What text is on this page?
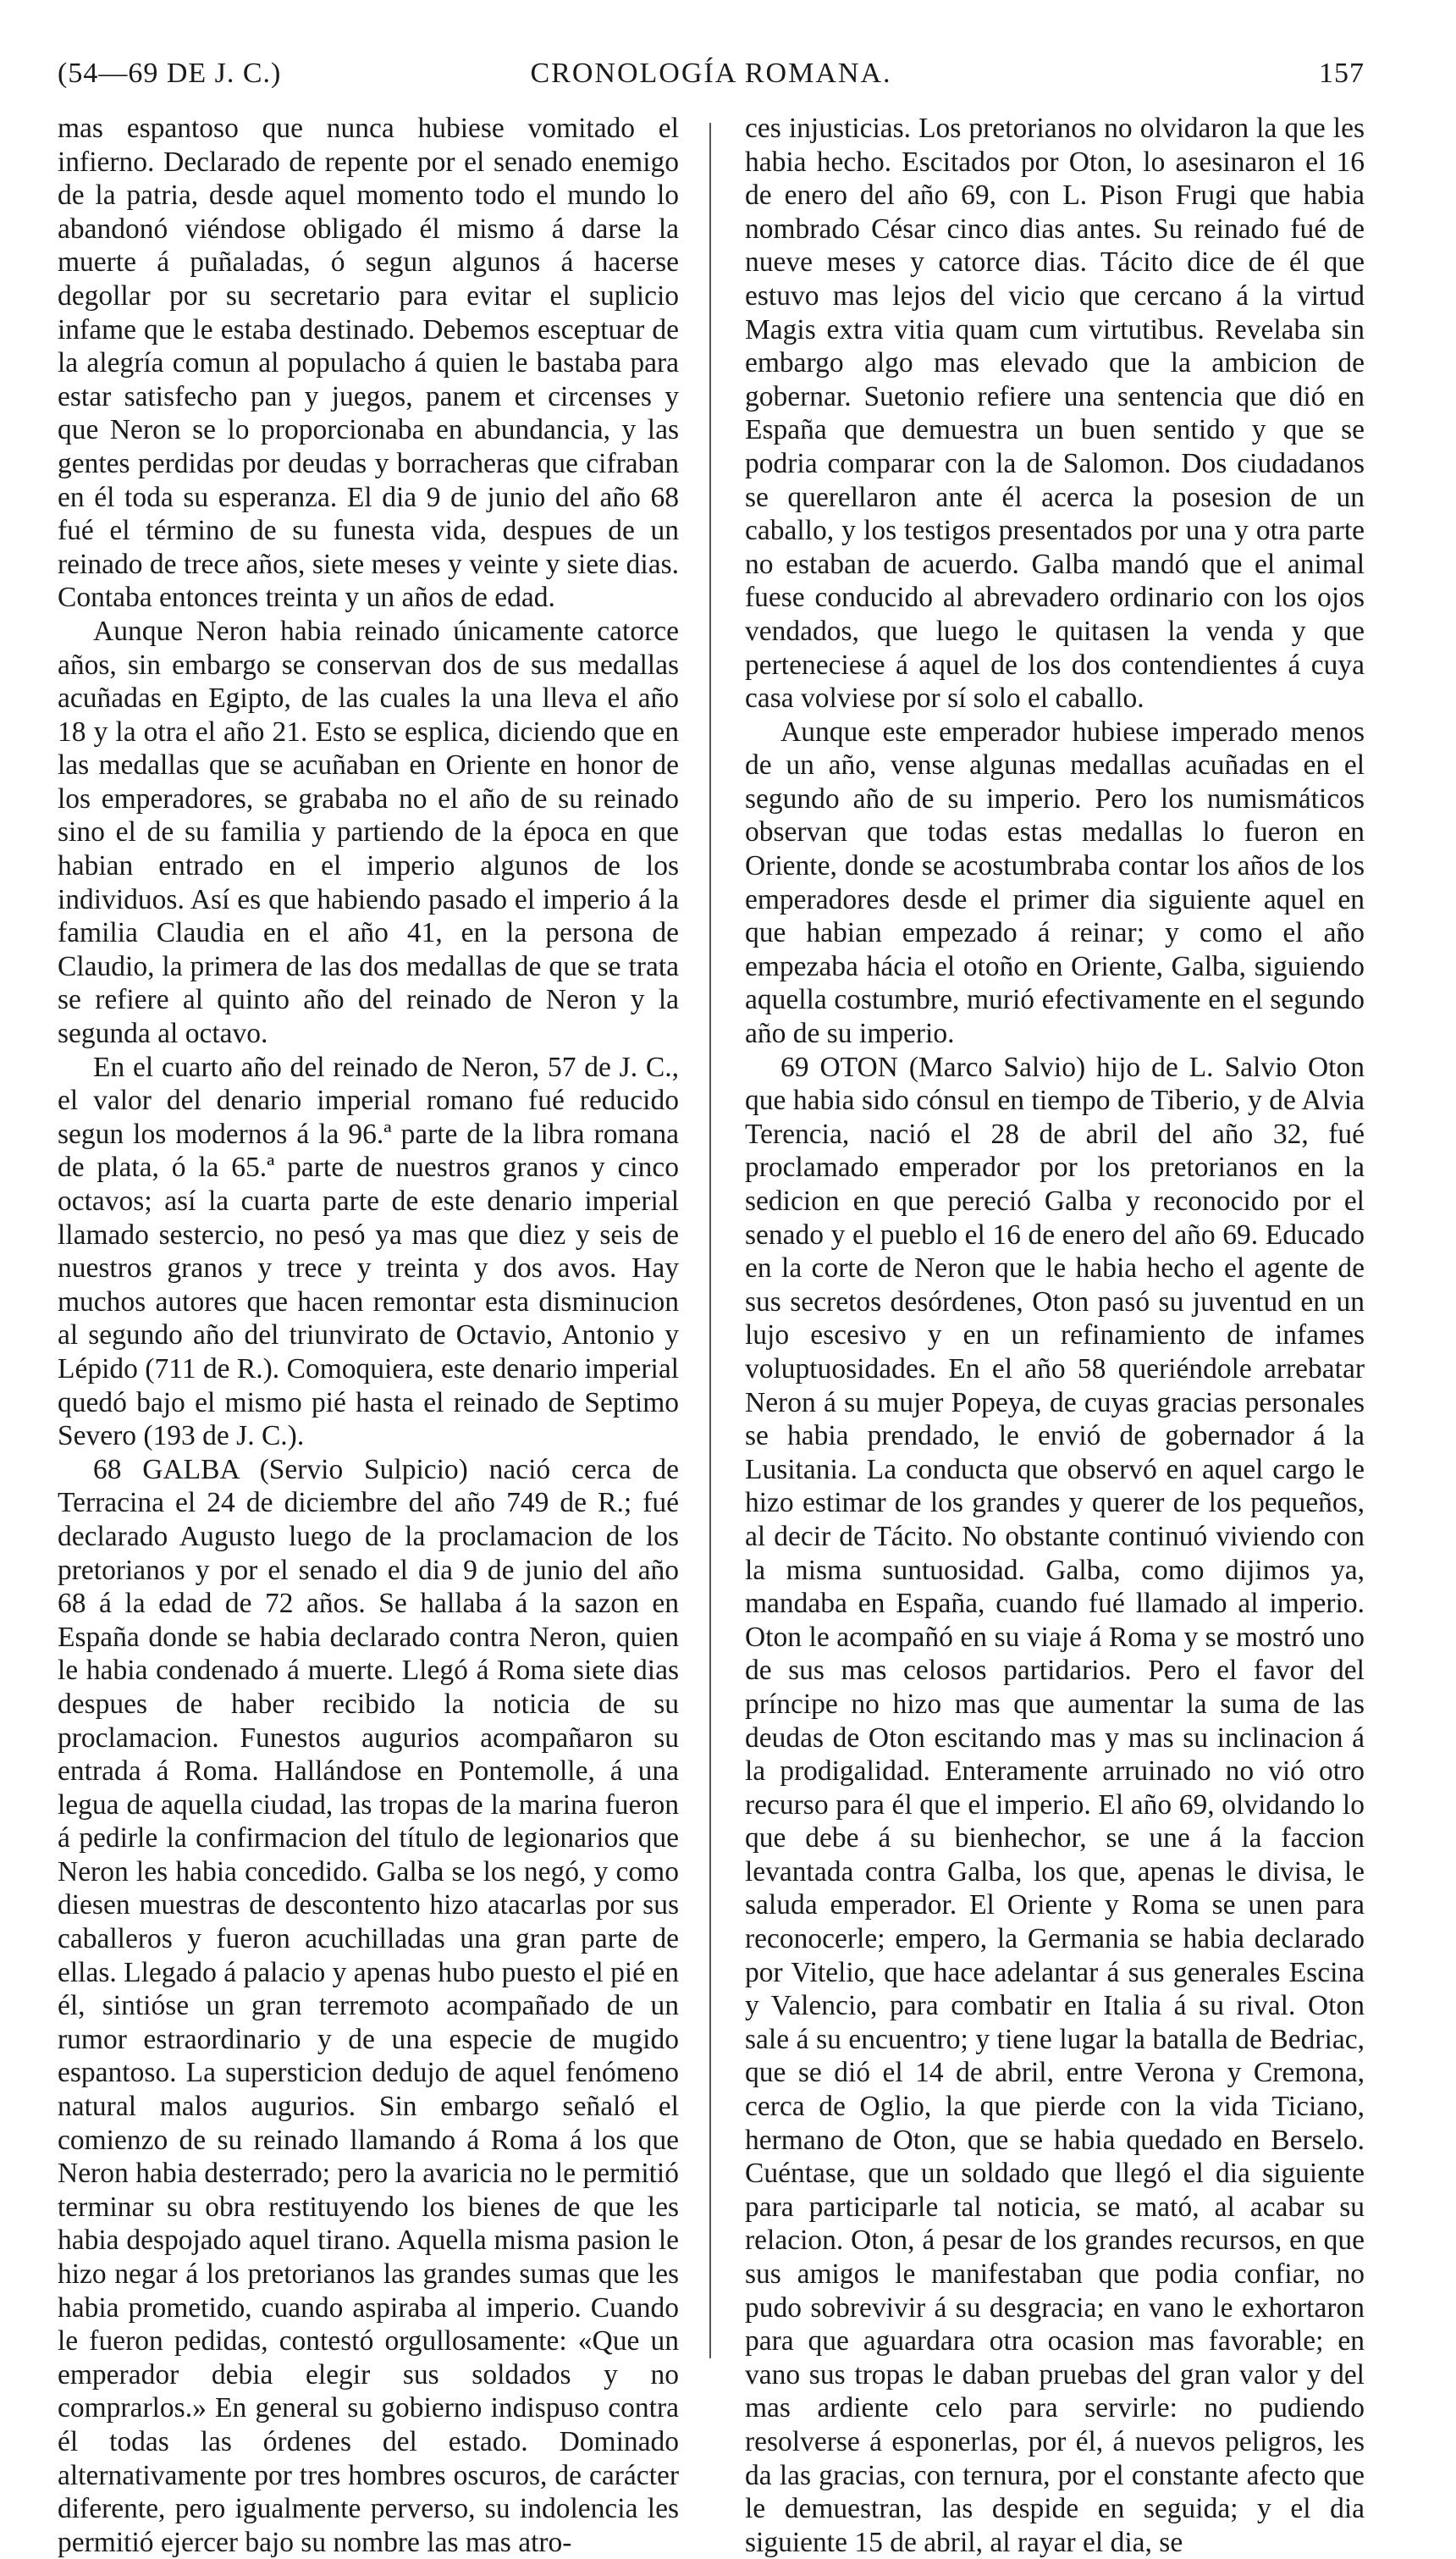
(54—69 DE J. C.)	CRONOLOGÍA ROMANA.	157

mas espantoso que nunca hubiese vomitado el infierno. Declarado de repente por el senado enemigo de la patria, desde aquel momento todo el mundo lo abandonó viéndose obligado él mismo á darse la muerte á puñaladas, ó segun algunos á hacerse degollar por su secretario para evitar el suplicio infame que le estaba destinado. Debemos esceptuar de la alegría comun al populacho á quien le bastaba para estar satisfecho pan y juegos, panem et circenses y que Neron se lo proporcionaba en abundancia, y las gentes perdidas por deudas y borracheras que cifraban en él toda su esperanza. El dia 9 de junio del año 68 fué el término de su funesta vida, despues de un reinado de trece años, siete meses y veinte y siete dias. Contaba entonces treinta y un años de edad.

Aunque Neron habia reinado únicamente catorce años, sin embargo se conservan dos de sus medallas acuñadas en Egipto, de las cuales la una lleva el año 18 y la otra el año 21. Esto se esplica, diciendo que en las medallas que se acuñaban en Oriente en honor de los emperadores, se grababa no el año de su reinado sino el de su familia y partiendo de la época en que habian entrado en el imperio algunos de los individuos. Así es que habiendo pasado el imperio á la familia Claudia en el año 41, en la persona de Claudio, la primera de las dos medallas de que se trata se refiere al quinto año del reinado de Neron y la segunda al octavo.

En el cuarto año del reinado de Neron, 57 de J. C., el valor del denario imperial romano fué reducido segun los modernos á la 96.ª parte de la libra romana de plata, ó la 65.ª parte de nuestros granos y cinco octavos; así la cuarta parte de este denario imperial llamado sestercio, no pesó ya mas que diez y seis de nuestros granos y trece y treinta y dos avos. Hay muchos autores que hacen remontar esta disminucion al segundo año del triunvirato de Octavio, Antonio y Lépido (711 de R.). Comoquiera, este denario imperial quedó bajo el mismo pié hasta el reinado de Septimo Severo (193 de J. C.).

68 GALBA (Servio Sulpicio) nació cerca de Terracina el 24 de diciembre del año 749 de R.; fué declarado Augusto luego de la proclamacion de los pretorianos y por el senado el dia 9 de junio del año 68 á la edad de 72 años. Se hallaba á la sazon en España donde se habia declarado contra Neron, quien le habia condenado á muerte. Llegó á Roma siete dias despues de haber recibido la noticia de su proclamacion. Funestos augurios acompañaron su entrada á Roma. Hallándose en Pontemolle, á una legua de aquella ciudad, las tropas de la marina fueron á pedirle la confirmacion del título de legionarios que Neron les habia concedido. Galba se los negó, y como diesen muestras de descontento hizo atacarlas por sus caballeros y fueron acuchilladas una gran parte de ellas. Llegado á palacio y apenas hubo puesto el pié en él, sintióse un gran terremoto acompañado de un rumor estraordinario y de una especie de mugido espantoso. La supersticion dedujo de aquel fenómeno natural malos augurios. Sin embargo señaló el comienzo de su reinado llamando á Roma á los que Neron habia desterrado; pero la avaricia no le permitió terminar su obra restituyendo los bienes de que les habia despojado aquel tirano. Aquella misma pasion le hizo negar á los pretorianos las grandes sumas que les habia prometido, cuando aspiraba al imperio. Cuando le fueron pedidas, contestó orgullosamente: «Que un emperador debia elegir sus soldados y no comprarlos.» En general su gobierno indispuso contra él todas las órdenes del estado. Dominado alternativamente por tres hombres oscuros, de carácter diferente, pero igualmente perverso, su indolencia les permitió ejercer bajo su nombre las mas atro-

ces injusticias. Los pretorianos no olvidaron la que les habia hecho. Escitados por Oton, lo asesinaron el 16 de enero del año 69, con L. Pison Frugi que habia nombrado César cinco dias antes. Su reinado fué de nueve meses y catorce dias. Tácito dice de él que estuvo mas lejos del vicio que cercano á la virtud Magis extra vitia quam cum virtutibus. Revelaba sin embargo algo mas elevado que la ambicion de gobernar. Suetonio refiere una sentencia que dió en España que demuestra un buen sentido y que se podria comparar con la de Salomon. Dos ciudadanos se querellaron ante él acerca la posesion de un caballo, y los testigos presentados por una y otra parte no estaban de acuerdo. Galba mandó que el animal fuese conducido al abrevadero ordinario con los ojos vendados, que luego le quitasen la venda y que perteneciese á aquel de los dos contendientes á cuya casa volviese por sí solo el caballo.

Aunque este emperador hubiese imperado menos de un año, vense algunas medallas acuñadas en el segundo año de su imperio. Pero los numismáticos observan que todas estas medallas lo fueron en Oriente, donde se acostumbraba contar los años de los emperadores desde el primer dia siguiente aquel en que habian empezado á reinar; y como el año empezaba hácia el otoño en Oriente, Galba, siguiendo aquella costumbre, murió efectivamente en el segundo año de su imperio.

69 OTON (Marco Salvio) hijo de L. Salvio Oton que habia sido cónsul en tiempo de Tiberio, y de Alvia Terencia, nació el 28 de abril del año 32, fué proclamado emperador por los pretorianos en la sedicion en que pereció Galba y reconocido por el senado y el pueblo el 16 de enero del año 69. Educado en la corte de Neron que le habia hecho el agente de sus secretos desórdenes, Oton pasó su juventud en un lujo escesivo y en un refinamiento de infames voluptuosidades. En el año 58 queriéndole arrebatar Neron á su mujer Popeya, de cuyas gracias personales se habia prendado, le envió de gobernador á la Lusitania. La conducta que observó en aquel cargo le hizo estimar de los grandes y querer de los pequeños, al decir de Tácito. No obstante continuó viviendo con la misma suntuosidad. Galba, como dijimos ya, mandaba en España, cuando fué llamado al imperio. Oton le acompañó en su viaje á Roma y se mostró uno de sus mas celosos partidarios. Pero el favor del príncipe no hizo mas que aumentar la suma de las deudas de Oton escitando mas y mas su inclinacion á la prodigalidad. Enteramente arruinado no vió otro recurso para él que el imperio. El año 69, olvidando lo que debe á su bienhechor, se une á la faccion levantada contra Galba, los que, apenas le divisa, le saluda emperador. El Oriente y Roma se unen para reconocerle; empero, la Germania se habia declarado por Vitelio, que hace adelantar á sus generales Escina y Valencio, para combatir en Italia á su rival. Oton sale á su encuentro; y tiene lugar la batalla de Bedriac, que se dió el 14 de abril, entre Verona y Cremona, cerca de Oglio, la que pierde con la vida Ticiano, hermano de Oton, que se habia quedado en Berselo. Cuéntase, que un soldado que llegó el dia siguiente para participarle tal noticia, se mató, al acabar su relacion. Oton, á pesar de los grandes recursos, en que sus amigos le manifestaban que podia confiar, no pudo sobrevivir á su desgracia; en vano le exhortaron para que aguardara otra ocasion mas favorable; en vano sus tropas le daban pruebas del gran valor y del mas ardiente celo para servirle: no pudiendo resolverse á esponerlas, por él, á nuevos peligros, les da las gracias, con ternura, por el constante afecto que le demuestran, las despide en seguida; y el dia siguiente 15 de abril, al rayar el dia, se
